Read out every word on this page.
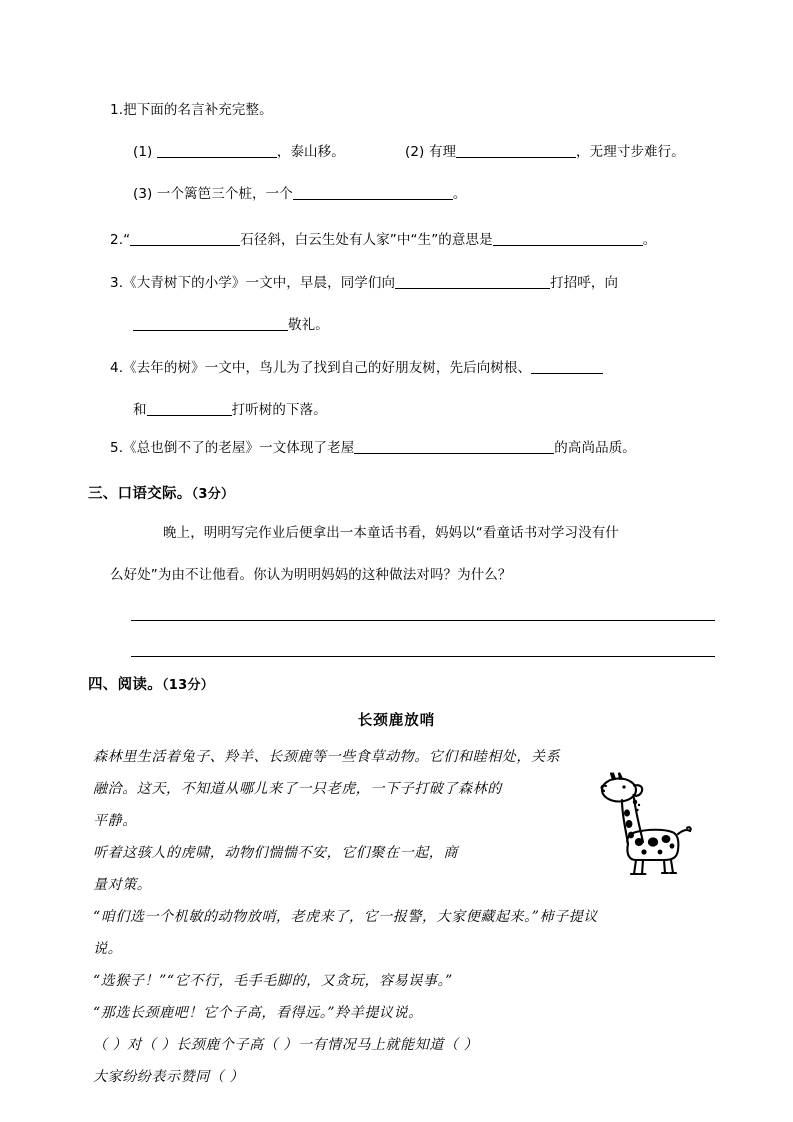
1.把下面的名言补充完整。
(1)	，泰山移。	(2) 有理	，无理寸步难行。
(3) 一个篱笆三个桩，一个	。
2.“	石径斜，白云生处有人家”中“生”的意思是	。
3.《大青树下的小学》一文中，早晨，同学们向	打招呼，向
敬礼。
4.《去年的树》一文中，鸟儿为了找到自己的好朋友树，先后向树根、
和	打听树的下落。
5.《总也倒不了的老屋》一文体现了老屋	的高尚品质。
三、口语交际。（3分）
晚上，明明写完作业后便拿出一本童话书看，妈妈以“看童话书对学习没有什
么好处”为由不让他看。你认为明明妈妈的这种做法对吗？为什么？
四、阅读。（13分）
长颈鹿放哨
森林里生活着兔子、羚羊、长颈鹿等一些食草动物。它们和睦相处，关系
融洽。这天，不知道从哪儿来了一只老虎，一下子打破了森林的
平静。
听着这骇人的虎啸，动物们惴惴不安，它们聚在一起，商
量对策。
“咱们选一个机敏的动物放哨，老虎来了，它一报警，大家便藏起来。”柿子提议
说。
“选猴子！”“它不行，毛手毛脚的，又贪玩，容易误事。”
“那选长颈鹿吧！它个子高，看得远。”羚羊提议说。
（ ）对（ ）长颈鹿个子高（ ）一有情况马上就能知道（ ）
大家纷纷表示赞同（ ）
